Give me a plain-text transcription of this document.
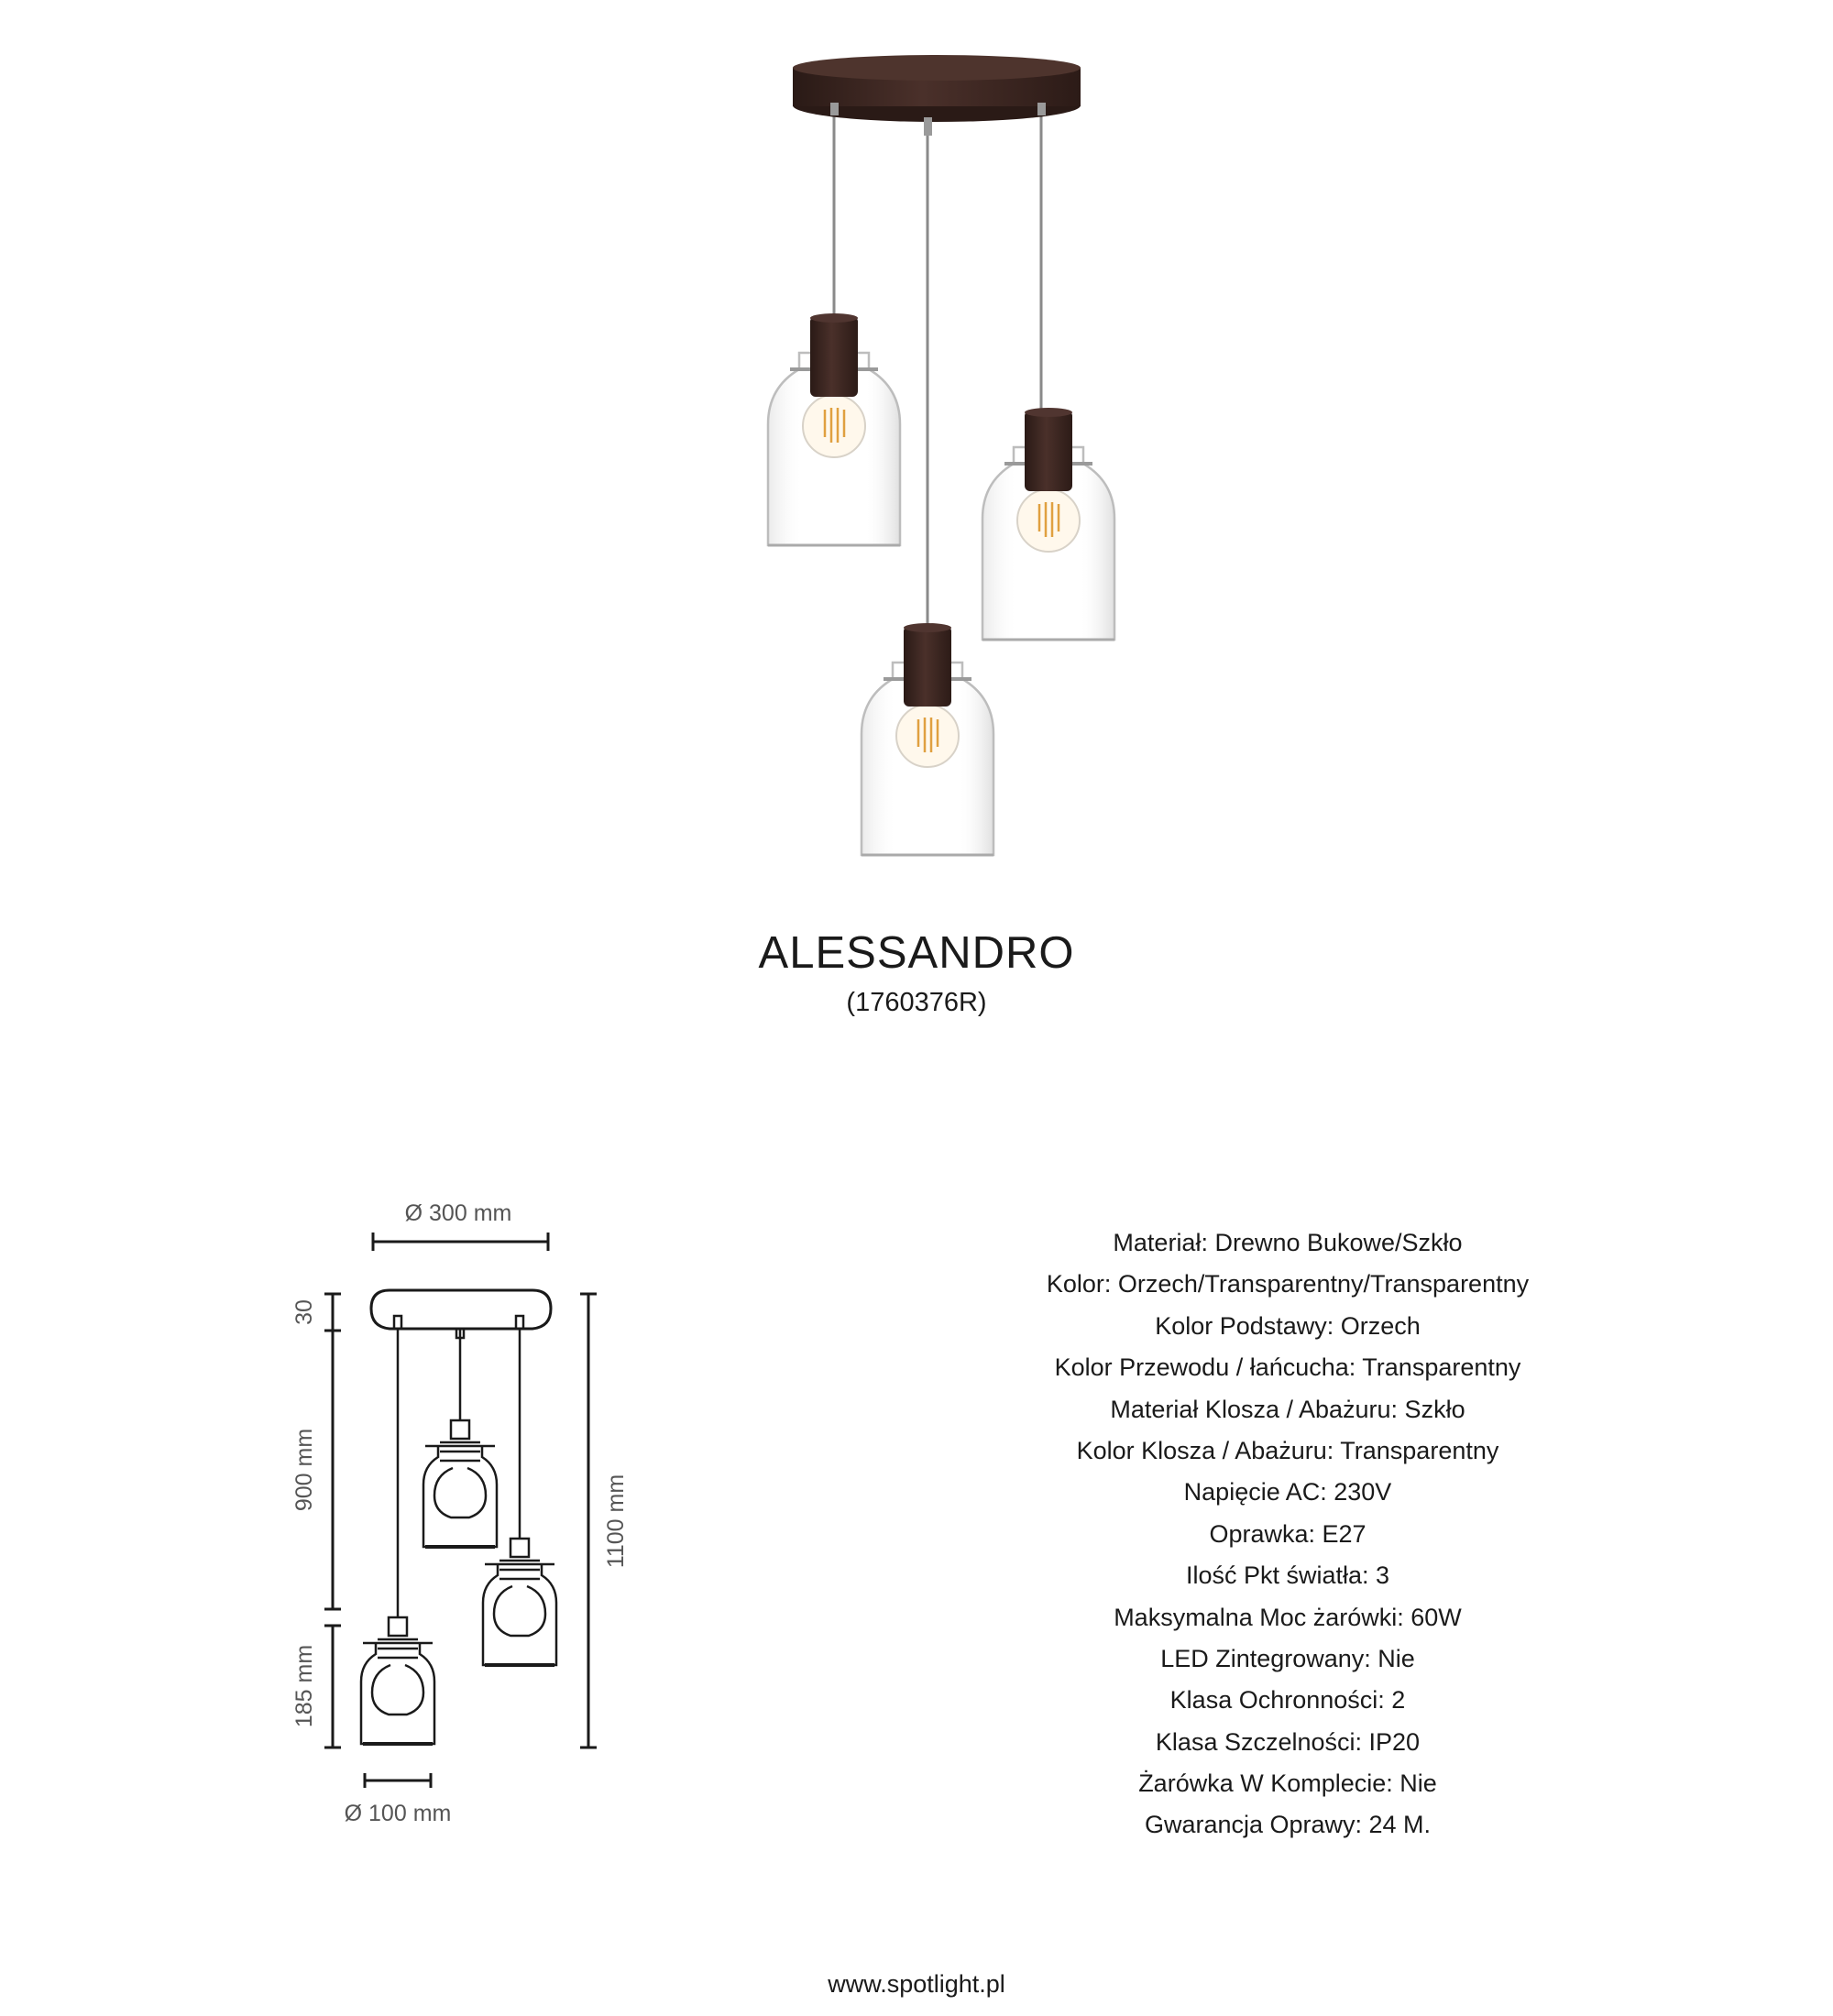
ALESSANDRO
(1760376R)
Ø 300 mm
30
900 mm
185 mm
1100 mm
Ø 100 mm
Materiał: Drewno Bukowe/Szkło
Kolor: Orzech/Transparentny/Transparentny
Kolor Podstawy: Orzech
Kolor Przewodu / łańcucha: Transparentny
Materiał Klosza / Abażuru: Szkło
Kolor Klosza / Abażuru: Transparentny
Napięcie AC: 230V
Oprawka: E27
Ilość Pkt światła: 3
Maksymalna Moc żarówki: 60W
LED Zintegrowany: Nie
Klasa Ochronności: 2
Klasa Szczelności: IP20
Żarówka W Komplecie: Nie
Gwarancja Oprawy: 24 M.
www.spotlight.pl
